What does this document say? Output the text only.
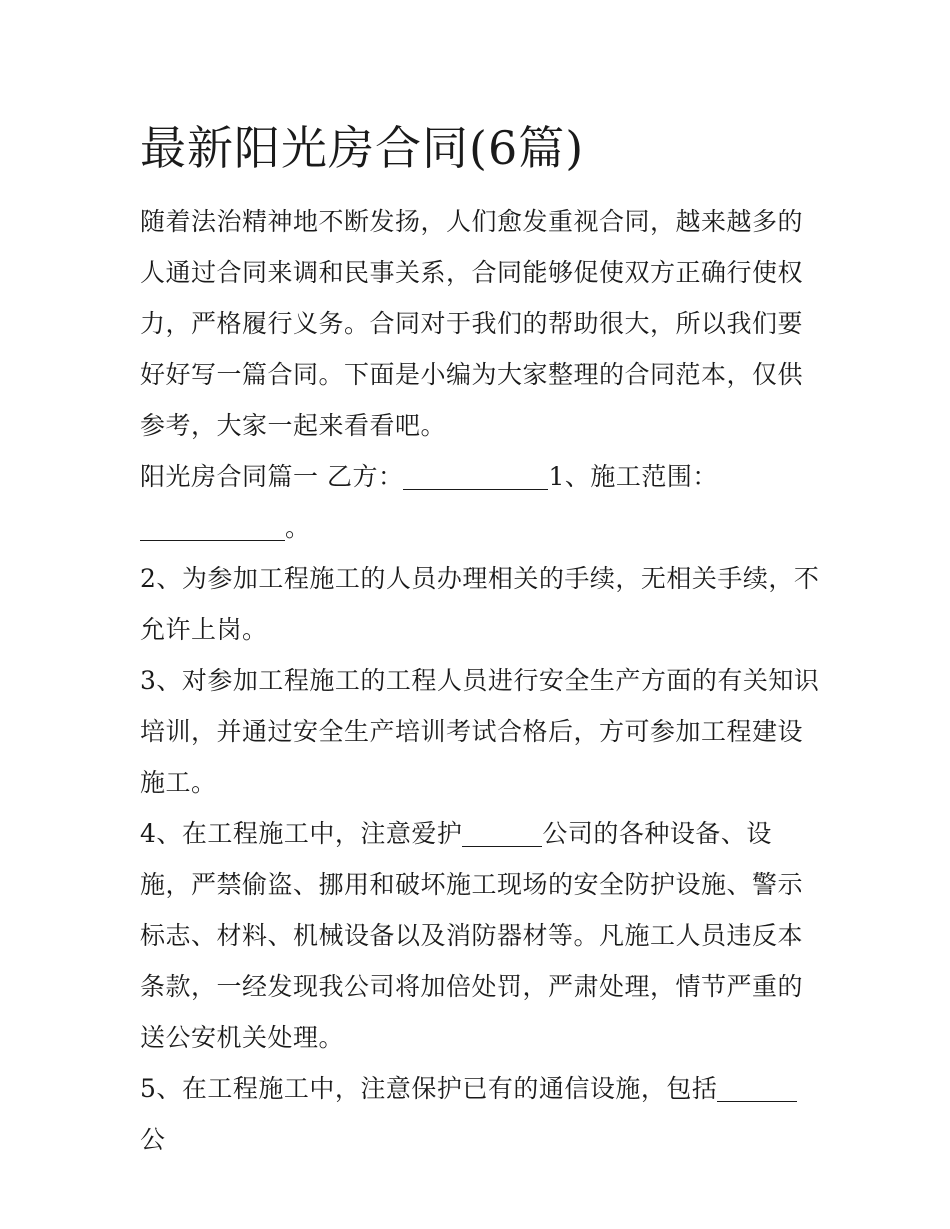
最新阳光房合同(6篇)

随着法治精神地不断发扬，人们愈发重视合同，越来越多的人通过合同来调和民事关系，合同能够促使双方正确行使权力，严格履行义务。合同对于我们的帮助很大，所以我们要好好写一篇合同。下面是小编为大家整理的合同范本，仅供参考，大家一起来看看吧。

阳光房合同篇一 乙方：	1、施工范围：。

2、为参加工程施工的人员办理相关的手续，无相关手续，不允许上岗。

3、对参加工程施工的工程人员进行安全生产方面的有关知识培训，并通过安全生产培训考试合格后，方可参加工程建设施工。

4、在工程施工中，注意爱护	公司的各种设备、设施，严禁偷盗、挪用和破坏施工现场的安全防护设施、警示标志、材料、机械设备以及消防器材等。凡施工人员违反本条款，一经发现我公司将加倍处罚，严肃处理，情节严重的送公安机关处理。

5、在工程施工中，注意保护已有的通信设施，包括公
